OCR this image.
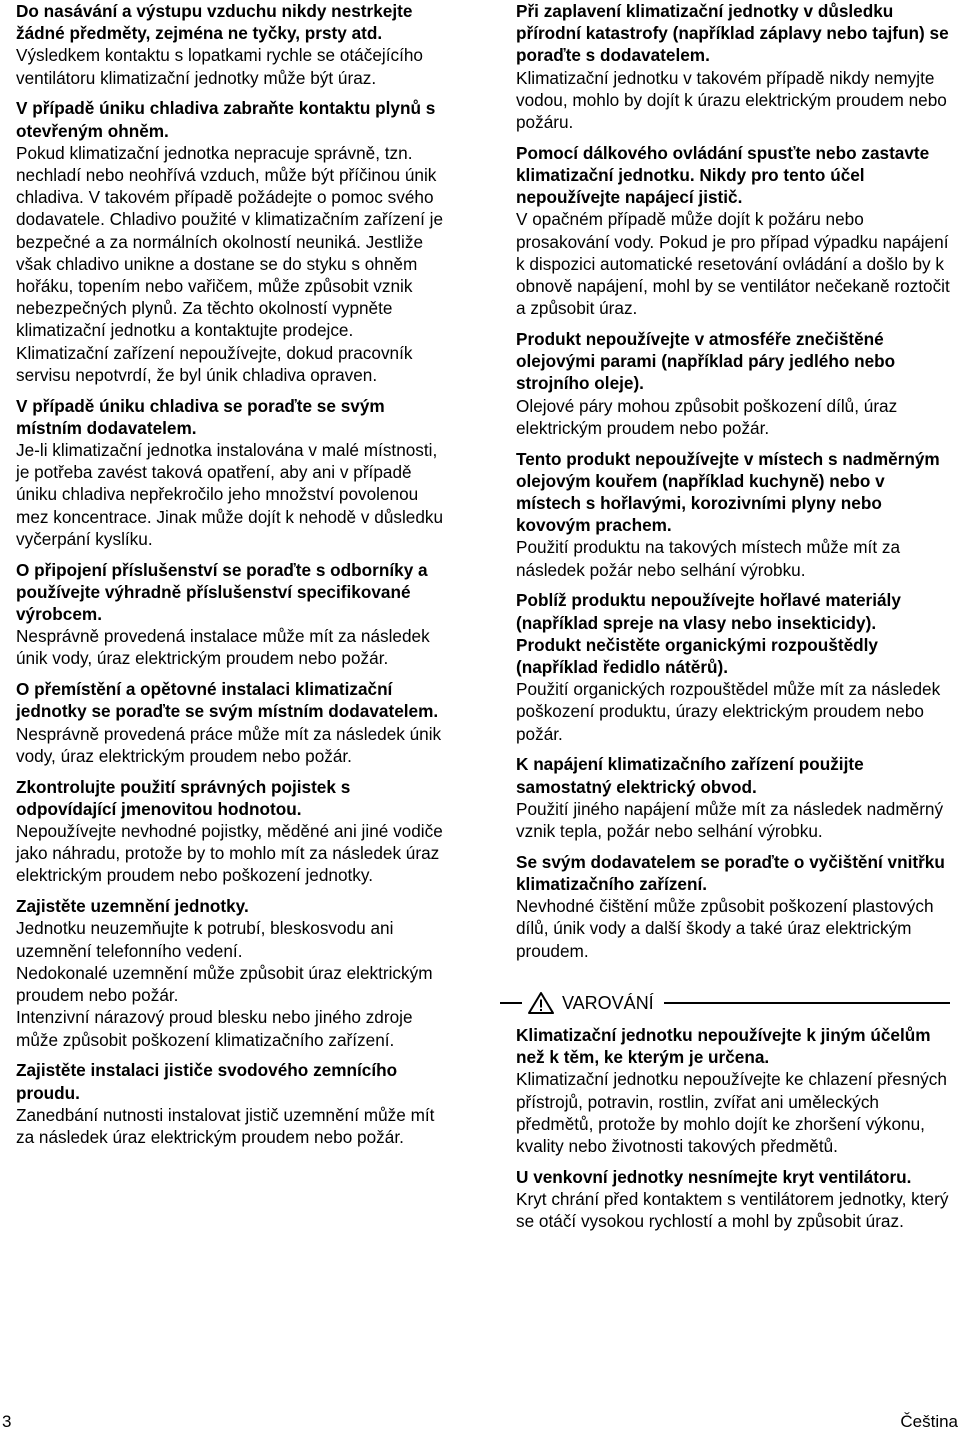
Do nasávání a výstupu vzduchu nikdy nestrkejte žádné předměty, zejména ne tyčky, prsty atd.

Výsledkem kontaktu s lopatkami rychle se otáčejícího ventilátoru klimatizační jednotky může být úraz.

V případě úniku chladiva zabraňte kontaktu plynů s otevřeným ohněm.

Pokud klimatizační jednotka nepracuje správně, tzn. nechladí nebo neohřívá vzduch, může být příčinou únik chladiva. V takovém případě požádejte o pomoc svého dodavatele. Chladivo použité v klimatizačním zařízení je bezpečné a za normálních okolností neuniká. Jestliže však chladivo unikne a dostane se do styku s ohněm hořáku, topením nebo vařičem, může způsobit vznik nebezpečných plynů. Za těchto okolností vypněte klimatizační jednotku a kontaktujte prodejce. Klimatizační zařízení nepoužívejte, dokud pracovník servisu nepotvrdí, že byl únik chladiva opraven.

V případě úniku chladiva se poraďte se svým místním dodavatelem.

Je-li klimatizační jednotka instalována v malé místnosti, je potřeba zavést taková opatření, aby ani v případě úniku chladiva nepřekročilo jeho množství povolenou mez koncentrace. Jinak může dojít k nehodě v důsledku vyčerpání kyslíku.

O připojení příslušenství se poraďte s odborníky a používejte výhradně příslušenství specifikované výrobcem.

Nesprávně provedená instalace může mít za následek únik vody, úraz elektrickým proudem nebo požár.

O přemístění a opětovné instalaci klimatizační jednotky se poraďte se svým místním dodavatelem.

Nesprávně provedená práce může mít za následek únik vody, úraz elektrickým proudem nebo požár.

Zkontrolujte použití správných pojistek s odpovídající jmenovitou hodnotou.

Nepoužívejte nevhodné pojistky, měděné ani jiné vodiče jako náhradu, protože by to mohlo mít za následek úraz elektrickým proudem nebo poškození jednotky.

Zajistěte uzemnění jednotky.

Jednotku neuzemňujte k potrubí, bleskosvodu ani uzemnění telefonního vedení.

Nedokonalé uzemnění může způsobit úraz elektrickým proudem nebo požár.

Intenzivní nárazový proud blesku nebo jiného zdroje může způsobit poškození klimatizačního zařízení.

Zajistěte instalaci jističe svodového zemnícího proudu.

Zanedbání nutnosti instalovat jistič uzemnění může mít za následek úraz elektrickým proudem nebo požár.

Při zaplavení klimatizační jednotky v důsledku přírodní katastrofy (například záplavy nebo tajfun) se poraďte s dodavatelem.

Klimatizační jednotku v takovém případě nikdy nemyjte vodou, mohlo by dojít k úrazu elektrickým proudem nebo požáru.

Pomocí dálkového ovládání spusťte nebo zastavte klimatizační jednotku. Nikdy pro tento účel nepoužívejte napájecí jistič.

V opačném případě může dojít k požáru nebo prosakování vody. Pokud je pro případ výpadku napájení k dispozici automatické resetování ovládání a došlo by k obnově napájení, mohl by se ventilátor nečekaně roztočit a způsobit úraz.

Produkt nepoužívejte v atmosféře znečištěné olejovými parami (například páry jedlého nebo strojního oleje).

Olejové páry mohou způsobit poškození dílů, úraz elektrickým proudem nebo požár.

Tento produkt nepoužívejte v místech s nadměrným olejovým kouřem (například kuchyně) nebo v místech s hořlavými, korozivními plyny nebo kovovým prachem.

Použití produktu na takových místech může mít za následek požár nebo selhání výrobku.

Poblíž produktu nepoužívejte hořlavé materiály (například spreje na vlasy nebo insekticidy).

Produkt nečistěte organickými rozpouštědly (například ředidlo nátěrů).

Použití organických rozpouštědel může mít za následek poškození produktu, úrazy elektrickým proudem nebo požár.

K napájení klimatizačního zařízení použijte samostatný elektrický obvod.

Použití jiného napájení může mít za následek nadměrný vznik tepla, požár nebo selhání výrobku.

Se svým dodavatelem se poraďte o vyčištění vnitřku klimatizačního zařízení.

Nevhodné čištění může způsobit poškození plastových dílů, únik vody a další škody a také úraz elektrickým proudem.

VAROVÁNÍ

Klimatizační jednotku nepoužívejte k jiným účelům než k těm, ke kterým je určena.

Klimatizační jednotku nepoužívejte ke chlazení přesných přístrojů, potravin, rostlin, zvířat ani uměleckých předmětů, protože by mohlo dojít ke zhoršení výkonu, kvality nebo životnosti takových předmětů.

U venkovní jednotky nesnímejte kryt ventilátoru.

Kryt chrání před kontaktem s ventilátorem jednotky, který se otáčí vysokou rychlostí a mohl by způsobit úraz.

3	Čeština
